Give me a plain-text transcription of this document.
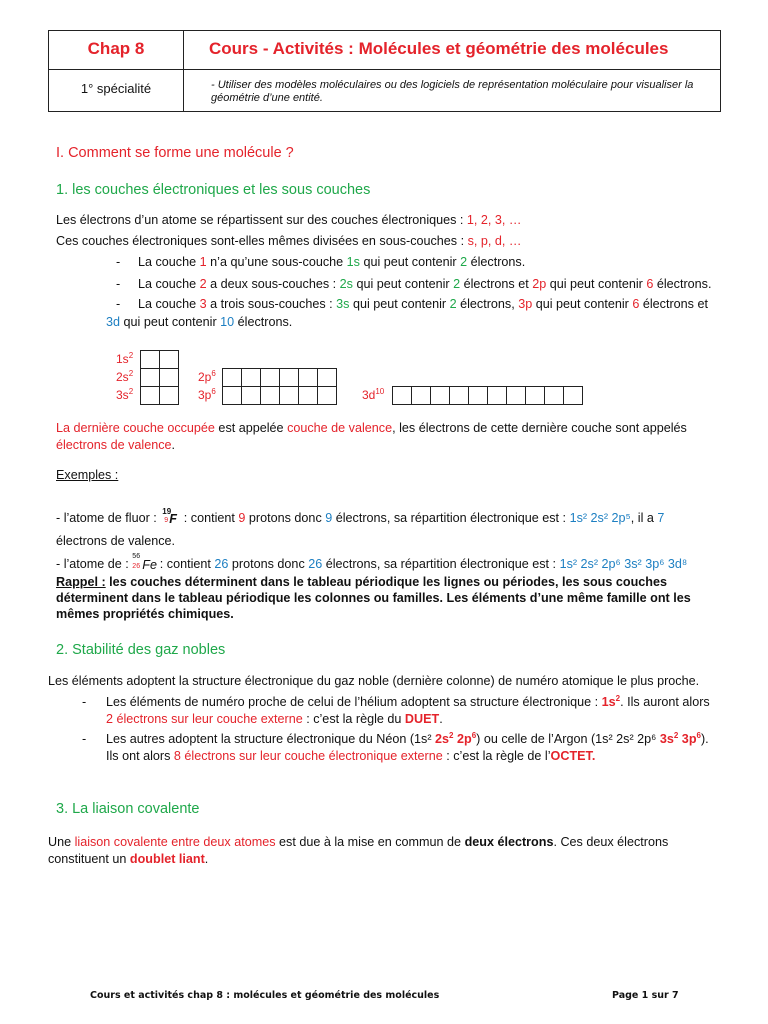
Chap 8	Cours - Activités : Molécules et géométrie des molécules
1° spécialité	- Utiliser des modèles moléculaires ou des logiciels de représentation moléculaire pour visualiser la géométrie d’une entité.
I. Comment se forme une molécule ?
1. les couches électroniques et les sous couches
Les électrons d’un atome se répartissent sur des couches électroniques : 1, 2, 3, …
Ces couches électroniques sont-elles mêmes divisées en sous-couches : s, p, d, …
- La couche 1 n’a qu’une sous-couche 1s qui peut contenir 2 électrons.
- La couche 2 a deux sous-couches : 2s qui peut contenir 2 électrons et 2p qui peut contenir 6 électrons.
- La couche 3 a trois sous-couches : 3s qui peut contenir 2 électrons, 3p qui peut contenir 6 électrons et
3d qui peut contenir 10 électrons.
$1s^2$
$2s^2$
$3s^2$

$2p^6$
$3p^6$

						$3d^{10}$

La dernière couche occupée est appelée couche de valence, les électrons de cette dernière couche sont appelés
électrons de valence.
Exemples :
- l’atome de fluor : 19
9 F : contient 9 protons donc 9 électrons, sa répartition électronique est : 1s² 2s² 2p⁵, il a 7
électrons de valence.
- l’atome de :
56
26 Fe : contient 26 protons donc 26 électrons, sa répartition électronique est : 1s² 2s² 2p⁶ 3s² 3p⁶ 3d⁸
Rappel : les couches déterminent dans le tableau périodique les lignes ou périodes, les sous couches déterminent dans le tableau périodique les colonnes ou familles. Les éléments d’une même famille ont les mêmes propriétés chimiques.
2. Stabilité des gaz nobles
Les éléments adoptent la structure électronique du gaz noble (dernière colonne) de numéro atomique le plus proche.
- Les éléments de numéro proche de celui de l’hélium adoptent sa structure électronique : $1s^2$. Ils auront alors
2 électrons sur leur couche externe : c’est la règle du DUET.
- Les autres adoptent la structure électronique du Néon (1s² $2s^2$ $2p^6$) ou celle de l’Argon (1s² 2s² 2p⁶ $3s^2$ $3p^6$).
Ils ont alors 8 électrons sur leur couche électronique externe : c’est la règle de l’OCTET.
3. La liaison covalente
Une liaison covalente entre deux atomes est due à la mise en commun de deux électrons. Ces deux électrons
constituent un doublet liant.
Cours et activités chap 8 : molécules et géométrie des molécules	Page 1 sur 7
